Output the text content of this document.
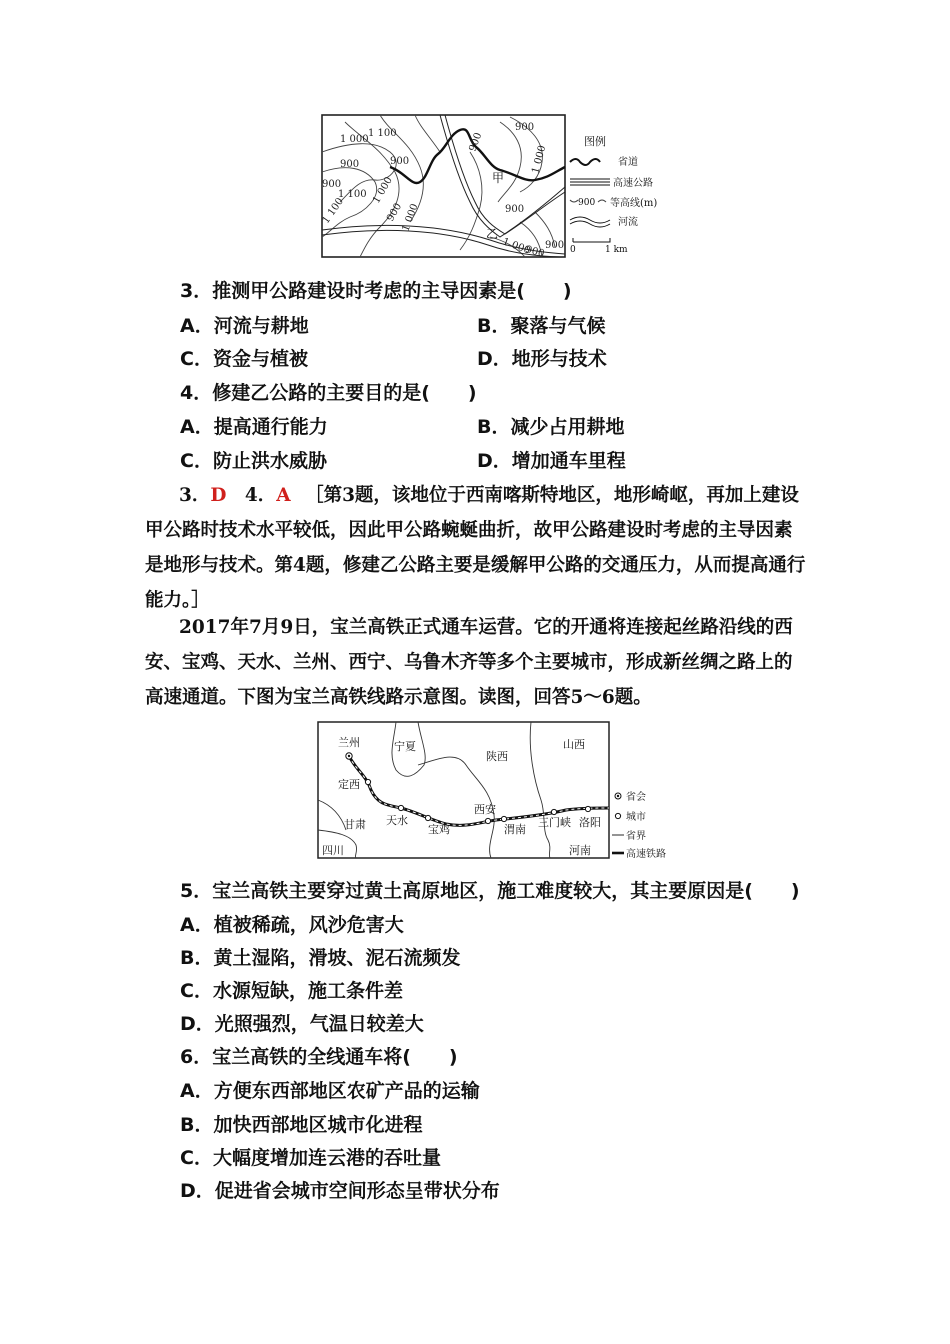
1 000
1 100
1 100
900	900
900
1 000
900
900
1 000
1 100
900	1 000
900
1 000
900
900
甲
乙
图例
省道
高速公路
900 等高线(m)
河流
0	1 km
3．推测甲公路建设时考虑的主导因素是(　　)
A．河流与耕地	B．聚落与气候
C．资金与植被	D．地形与技术
4．修建乙公路的主要目的是(　　)
A．提高通行能力	B．减少占用耕地
C．防止洪水威胁	D．增加通车里程
3．D 4．A ［第3题，该地位于西南喀斯特地区，地形崎岖，再加上建设甲公路时技术水平较低，因此甲公路蜿蜒曲折，故甲公路建设时考虑的主导因素是地形与技术。第4题，修建乙公路主要是缓解甲公路的交通压力，从而提高通行能力。］
2017年7月9日，宝兰高铁正式通车运营。它的开通将连接起丝路沿线的西安、宝鸡、天水、兰州、西宁、乌鲁木齐等多个主要城市，形成新丝绸之路上的高速通道。下图为宝兰高铁线路示意图。读图，回答5～6题。
兰州
定西
天水
宝鸡
西安
渭南
三门峡 洛阳
宁夏
陕西
山西
甘肃
四川	河南
省会
城市
省界
高速铁路
5．宝兰高铁主要穿过黄土高原地区，施工难度较大，其主要原因是(　　)
A．植被稀疏，风沙危害大
B．黄土湿陷，滑坡、泥石流频发
C．水源短缺，施工条件差
D．光照强烈，气温日较差大
6．宝兰高铁的全线通车将(　　)
A．方便东西部地区农矿产品的运输
B．加快西部地区城市化进程
C．大幅度增加连云港的吞吐量
D．促进省会城市空间形态呈带状分布
